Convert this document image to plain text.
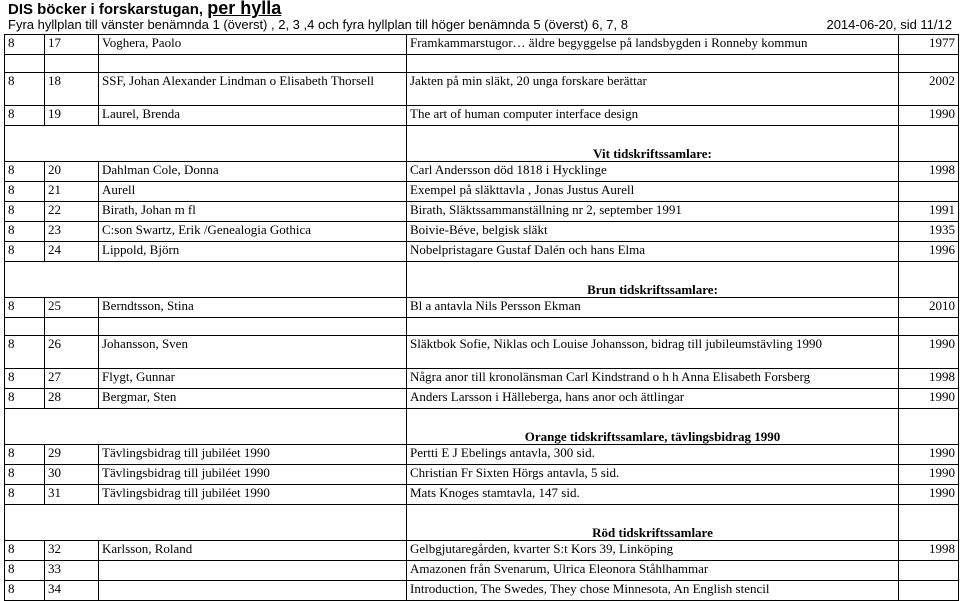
DIS böcker i forskarstugan, per hylla
Fyra hyllplan till vänster benämnda 1 (överst) , 2, 3 ,4 och fyra hyllplan till höger benämnda 5 (överst) 6, 7, 8	2014-06-20, sid 11/12
8	17	Voghera, Paolo	Framkammarstugor… äldre begyggelse på landsbygden i Ronneby kommun	1977

8	18	SSF, Johan Alexander Lindman o Elisabeth Thorsell	Jakten på min släkt, 20 unga forskare berättar	2002
8	19	Laurel, Brenda	The art of human computer interface design	1990
			Vit tidskriftssamlare:	
8	20	Dahlman Cole, Donna	Carl Andersson död 1818 i Hycklinge	1998
8	21	Aurell	Exempel på släkttavla , Jonas Justus Aurell	
8	22	Birath, Johan m fl	Birath, Släktssammanställning nr 2, september 1991	1991
8	23	C:son Swartz, Erik /Genealogia Gothica	Boivie-Béve, belgisk släkt	1935
8	24	Lippold, Björn	Nobelpristagare Gustaf Dalén och hans Elma	1996
			Brun tidskriftssamlare:	
8	25	Berndtsson, Stina	Bl a antavla Nils Persson Ekman	2010

8	26	Johansson, Sven	Släktbok Sofie, Niklas och Louise Johansson, bidrag till jubileumstävling 1990	1990
8	27	Flygt, Gunnar	Några anor till kronolänsman Carl Kindstrand o h h Anna Elisabeth Forsberg	1998
8	28	Bergmar, Sten	Anders Larsson i Hälleberga, hans anor och ättlingar	1990
			Orange tidskriftssamlare, tävlingsbidrag 1990	
8	29	Tävlingsbidrag till jubiléet 1990	Pertti E J Ebelings antavla, 300 sid.	1990
8	30	Tävlingsbidrag till jubiléet 1990	Christian Fr Sixten Hörgs antavla, 5 sid.	1990
8	31	Tävlingsbidrag till jubiléet 1990	Mats Knoges stamtavla, 147 sid.	1990
			Röd tidskriftssamlare	
8	32	Karlsson, Roland	Gelbgjutaregården, kvarter S:t Kors 39, Linköping	1998
8	33		Amazonen från Svenarum, Ulrica Eleonora Ståhlhammar	
8	34		Introduction, The Swedes, They chose Minnesota, An English stencil	
